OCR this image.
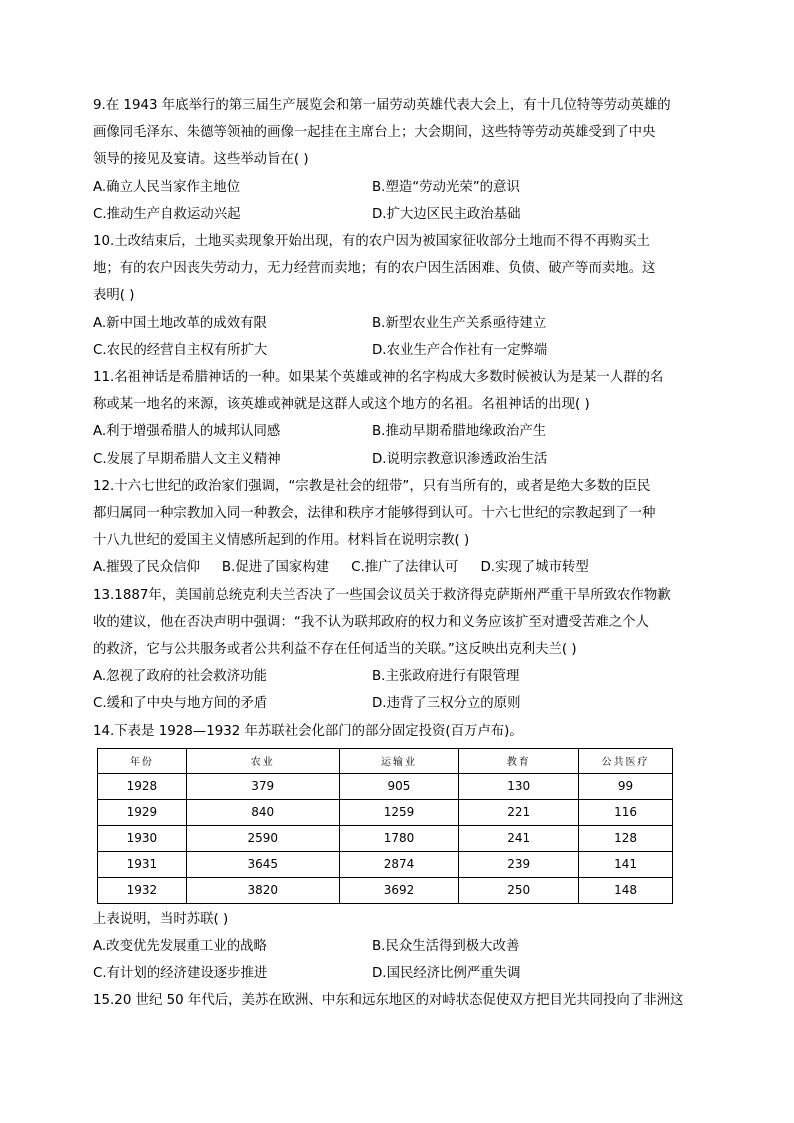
9.在 1943 年底举行的第三届生产展览会和第一届劳动英雄代表大会上，有十几位特等劳动英雄的
画像同毛泽东、朱德等领袖的画像一起挂在主席台上；大会期间，这些特等劳动英雄受到了中央
领导的接见及宴请。这些举动旨在( )
A.确立人民当家作主地位	B.塑造“劳动光荣”的意识
C.推动生产自救运动兴起	D.扩大边区民主政治基础
10.土改结束后，土地买卖现象开始出现，有的农户因为被国家征收部分土地而不得不再购买土
地；有的农户因丧失劳动力，无力经营而卖地；有的农户因生活困难、负债、破产等而卖地。这
表明( )
A.新中国土地改革的成效有限	B.新型农业生产关系亟待建立
C.农民的经营自主权有所扩大	D.农业生产合作社有一定弊端
11.名祖神话是希腊神话的一种。如果某个英雄或神的名字构成大多数时候被认为是某一人群的名
称或某一地名的来源，该英雄或神就是这群人或这个地方的名祖。名祖神话的出现( )
A.利于增强希腊人的城邦认同感	B.推动早期希腊地缘政治产生
C.发展了早期希腊人文主义精神	D.说明宗教意识渗透政治生活
12.十六七世纪的政治家们强调，“宗教是社会的纽带”，只有当所有的，或者是绝大多数的臣民
都归属同一种宗教加入同一种教会，法律和秩序才能够得到认可。十六七世纪的宗教起到了一种
十八九世纪的爱国主义情感所起到的作用。材料旨在说明宗教( )
A.摧毁了民众信仰 B.促进了国家构建 C.推广了法律认可 D.实现了城市转型
13.1887年，美国前总统克利夫兰否决了一些国会议员关于救济得克萨斯州严重干旱所致农作物歉
收的建议，他在否决声明中强调：“我不认为联邦政府的权力和义务应该扩至对遭受苦难之个人
的救济，它与公共服务或者公共利益不存在任何适当的关联。”这反映出克利夫兰( )
A.忽视了政府的社会救济功能	B.主张政府进行有限管理
C.缓和了中央与地方间的矛盾	D.违背了三权分立的原则
14.下表是 1928—1932 年苏联社会化部门的部分固定投资(百万卢布)。
年份	农业	运输业	教育	公共医疗
1928	379	905	130	99
1929	840	1259	221	116
1930	2590	1780	241	128
1931	3645	2874	239	141
1932	3820	3692	250	148
上表说明，当时苏联( )
A.改变优先发展重工业的战略	B.民众生活得到极大改善
C.有计划的经济建设逐步推进	D.国民经济比例严重失调
15.20 世纪 50 年代后，美苏在欧洲、中东和远东地区的对峙状态促使双方把目光共同投向了非洲这
